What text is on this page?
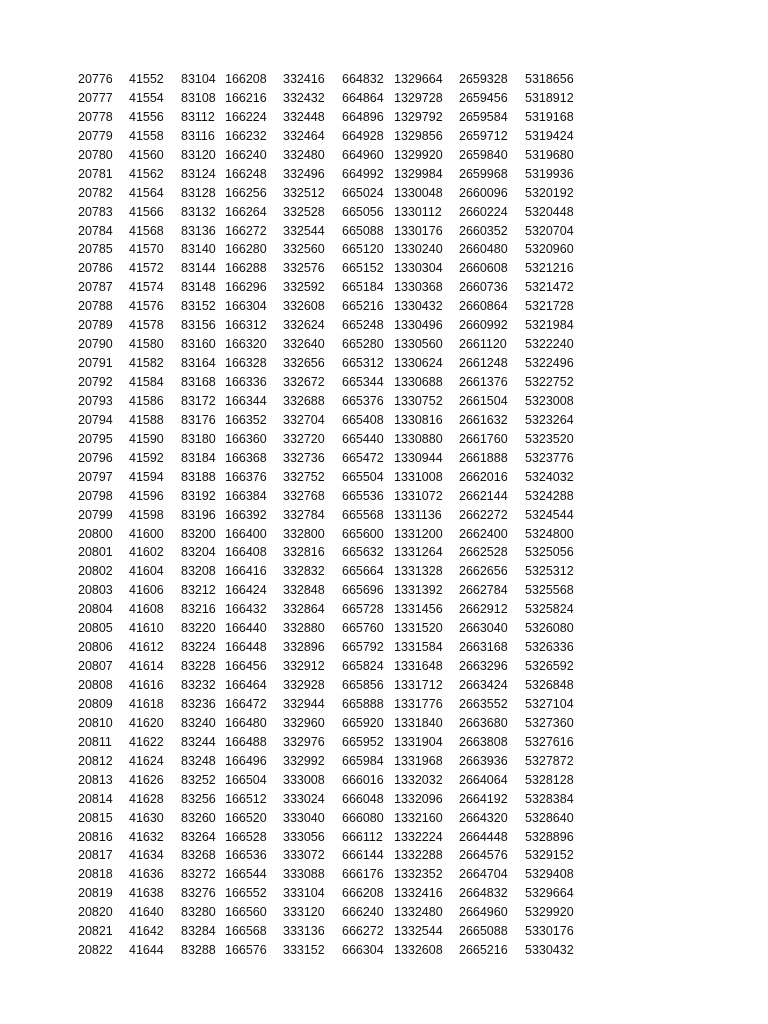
20776 41552 83104 166208 332416 664832 1329664 2659328 5318656
20777 41554 83108 166216 332432 664864 1329728 2659456 5318912
20778 41556 83112 166224 332448 664896 1329792 2659584 5319168
20779 41558 83116 166232 332464 664928 1329856 2659712 5319424
20780 41560 83120 166240 332480 664960 1329920 2659840 5319680
20781 41562 83124 166248 332496 664992 1329984 2659968 5319936
20782 41564 83128 166256 332512 665024 1330048 2660096 5320192
20783 41566 83132 166264 332528 665056 1330112 2660224 5320448
20784 41568 83136 166272 332544 665088 1330176 2660352 5320704
20785 41570 83140 166280 332560 665120 1330240 2660480 5320960
20786 41572 83144 166288 332576 665152 1330304 2660608 5321216
20787 41574 83148 166296 332592 665184 1330368 2660736 5321472
20788 41576 83152 166304 332608 665216 1330432 2660864 5321728
20789 41578 83156 166312 332624 665248 1330496 2660992 5321984
20790 41580 83160 166320 332640 665280 1330560 2661120 5322240
20791 41582 83164 166328 332656 665312 1330624 2661248 5322496
20792 41584 83168 166336 332672 665344 1330688 2661376 5322752
20793 41586 83172 166344 332688 665376 1330752 2661504 5323008
20794 41588 83176 166352 332704 665408 1330816 2661632 5323264
20795 41590 83180 166360 332720 665440 1330880 2661760 5323520
20796 41592 83184 166368 332736 665472 1330944 2661888 5323776
20797 41594 83188 166376 332752 665504 1331008 2662016 5324032
20798 41596 83192 166384 332768 665536 1331072 2662144 5324288
20799 41598 83196 166392 332784 665568 1331136 2662272 5324544
20800 41600 83200 166400 332800 665600 1331200 2662400 5324800
20801 41602 83204 166408 332816 665632 1331264 2662528 5325056
20802 41604 83208 166416 332832 665664 1331328 2662656 5325312
20803 41606 83212 166424 332848 665696 1331392 2662784 5325568
20804 41608 83216 166432 332864 665728 1331456 2662912 5325824
20805 41610 83220 166440 332880 665760 1331520 2663040 5326080
20806 41612 83224 166448 332896 665792 1331584 2663168 5326336
20807 41614 83228 166456 332912 665824 1331648 2663296 5326592
20808 41616 83232 166464 332928 665856 1331712 2663424 5326848
20809 41618 83236 166472 332944 665888 1331776 2663552 5327104
20810 41620 83240 166480 332960 665920 1331840 2663680 5327360
20811 41622 83244 166488 332976 665952 1331904 2663808 5327616
20812 41624 83248 166496 332992 665984 1331968 2663936 5327872
20813 41626 83252 166504 333008 666016 1332032 2664064 5328128
20814 41628 83256 166512 333024 666048 1332096 2664192 5328384
20815 41630 83260 166520 333040 666080 1332160 2664320 5328640
20816 41632 83264 166528 333056 666112 1332224 2664448 5328896
20817 41634 83268 166536 333072 666144 1332288 2664576 5329152
20818 41636 83272 166544 333088 666176 1332352 2664704 5329408
20819 41638 83276 166552 333104 666208 1332416 2664832 5329664
20820 41640 83280 166560 333120 666240 1332480 2664960 5329920
20821 41642 83284 166568 333136 666272 1332544 2665088 5330176
20822 41644 83288 166576 333152 666304 1332608 2665216 5330432
